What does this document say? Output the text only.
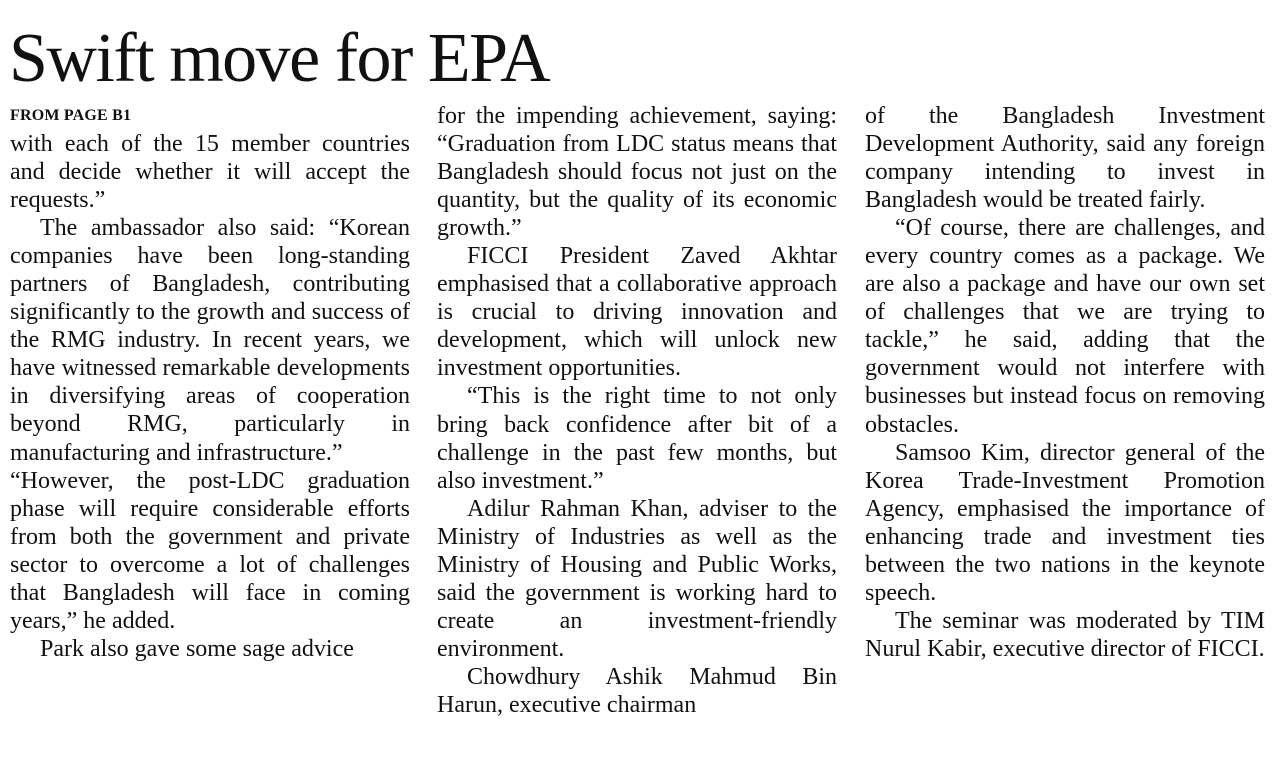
Swift move for EPA
FROM PAGE B1

with each of the 15 member countries and decide whether it will accept the requests.”

The ambassador also said: “Korean companies have been long-standing partners of Bangladesh, contributing significantly to the growth and success of the RMG industry. In recent years, we have witnessed remarkable developments in diversifying areas of cooperation beyond RMG, particularly in manufacturing and infrastructure.”

“However, the post-LDC graduation phase will require considerable efforts from both the government and private sector to overcome a lot of challenges that Bangladesh will face in coming years,” he added.

Park also gave some sage advice

for the impending achievement, saying: “Graduation from LDC status means that Bangladesh should focus not just on the quantity, but the quality of its economic growth.”

FICCI President Zaved Akhtar emphasised that a collaborative approach is crucial to driving innovation and development, which will unlock new investment opportunities.

“This is the right time to not only bring back confidence after bit of a challenge in the past few months, but also investment.”

Adilur Rahman Khan, adviser to the Ministry of Industries as well as the Ministry of Housing and Public Works, said the government is working hard to create an investment-friendly environment.

Chowdhury Ashik Mahmud Bin Harun, executive chairman

of the Bangladesh Investment Development Authority, said any foreign company intending to invest in Bangladesh would be treated fairly.

“Of course, there are challenges, and every country comes as a package. We are also a package and have our own set of challenges that we are trying to tackle,” he said, adding that the government would not interfere with businesses but instead focus on removing obstacles.

Samsoo Kim, director general of the Korea Trade-Investment Promotion Agency, emphasised the importance of enhancing trade and investment ties between the two nations in the keynote speech.

The seminar was moderated by TIM Nurul Kabir, executive director of FICCI.
